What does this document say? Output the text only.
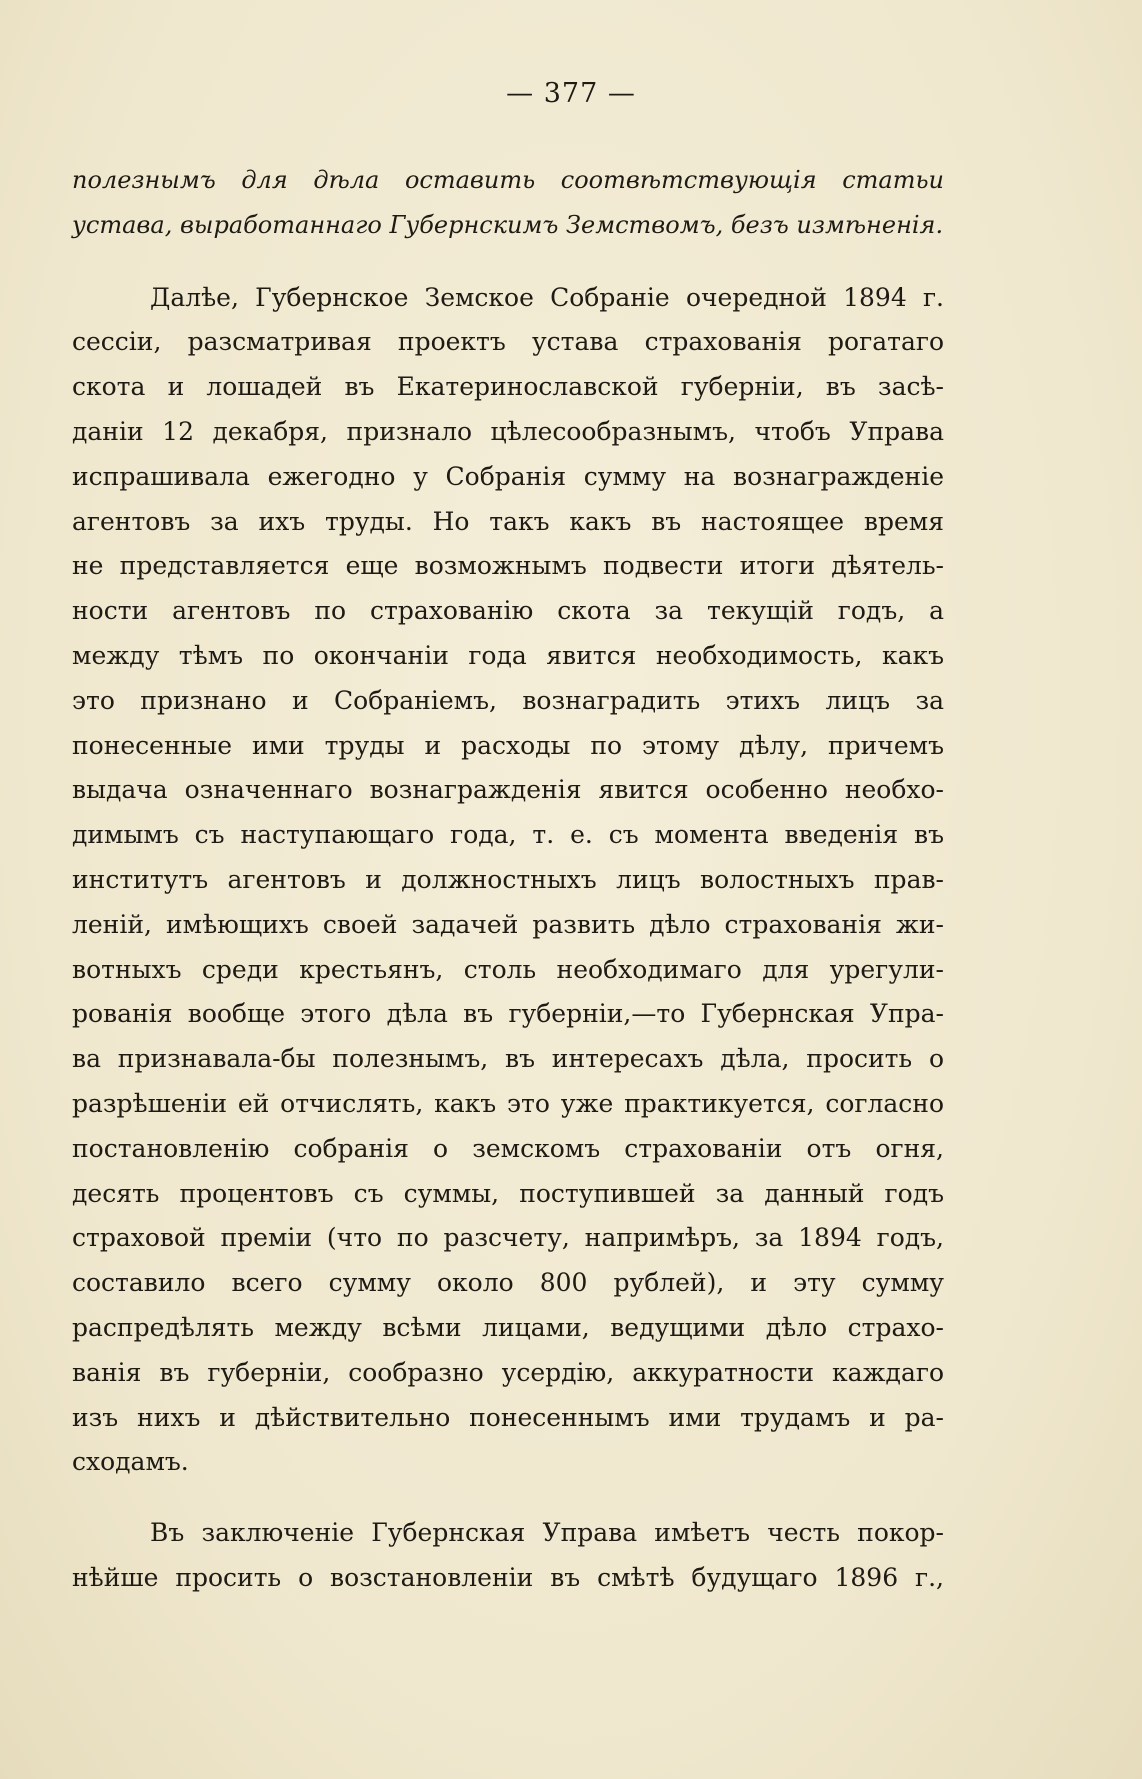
— 377 —
полезнымъ для дѣла оставить соотвѣтствующія статьи
устава, выработаннаго Губернскимъ Земствомъ, безъ измѣненія.
Далѣе, Губернское Земское Собраніе очередной 1894 г.
сессіи, разсматривая проектъ устава страхованія рогатаго
скота и лошадей въ Екатеринославской губерніи, въ засѣ-
даніи 12 декабря, признало цѣлесообразнымъ, чтобъ Управа
испрашивала ежегодно у Собранія сумму на вознагражденіе
агентовъ за ихъ труды. Но такъ какъ въ настоящее время
не представляется еще возможнымъ подвести итоги дѣятель-
ности агентовъ по страхованію скота за текущій годъ, а
между тѣмъ по окончаніи года явится необходимость, какъ
это признано и Собраніемъ, вознаградить этихъ лицъ за
понесенные ими труды и расходы по этому дѣлу, причемъ
выдача означеннаго вознагражденія явится особенно необхо-
димымъ съ наступающаго года, т. е. съ момента введенія въ
институтъ агентовъ и должностныхъ лицъ волостныхъ прав-
леній, имѣющихъ своей задачей развить дѣло страхованія жи-
вотныхъ среди крестьянъ, столь необходимаго для урегули-
рованія вообще этого дѣла въ губерніи,—то Губернская Упра-
ва признавала-бы полезнымъ, въ интересахъ дѣла, просить о
разрѣшеніи ей отчислять, какъ это уже практикуется, согласно
постановленію собранія о земскомъ страхованіи отъ огня,
десять процентовъ съ суммы, поступившей за данный годъ
страховой преміи (что по разсчету, напримѣръ, за 1894 годъ,
составило всего сумму около 800 рублей), и эту сумму
распредѣлять между всѣми лицами, ведущими дѣло страхо-
ванія въ губерніи, сообразно усердію, аккуратности каждаго
изъ нихъ и дѣйствительно понесеннымъ ими трудамъ и ра-
сходамъ.
Въ заключеніе Губернская Управа имѣетъ честь покор-
нѣйше просить о возстановленіи въ смѣтѣ будущаго 1896 г.,
